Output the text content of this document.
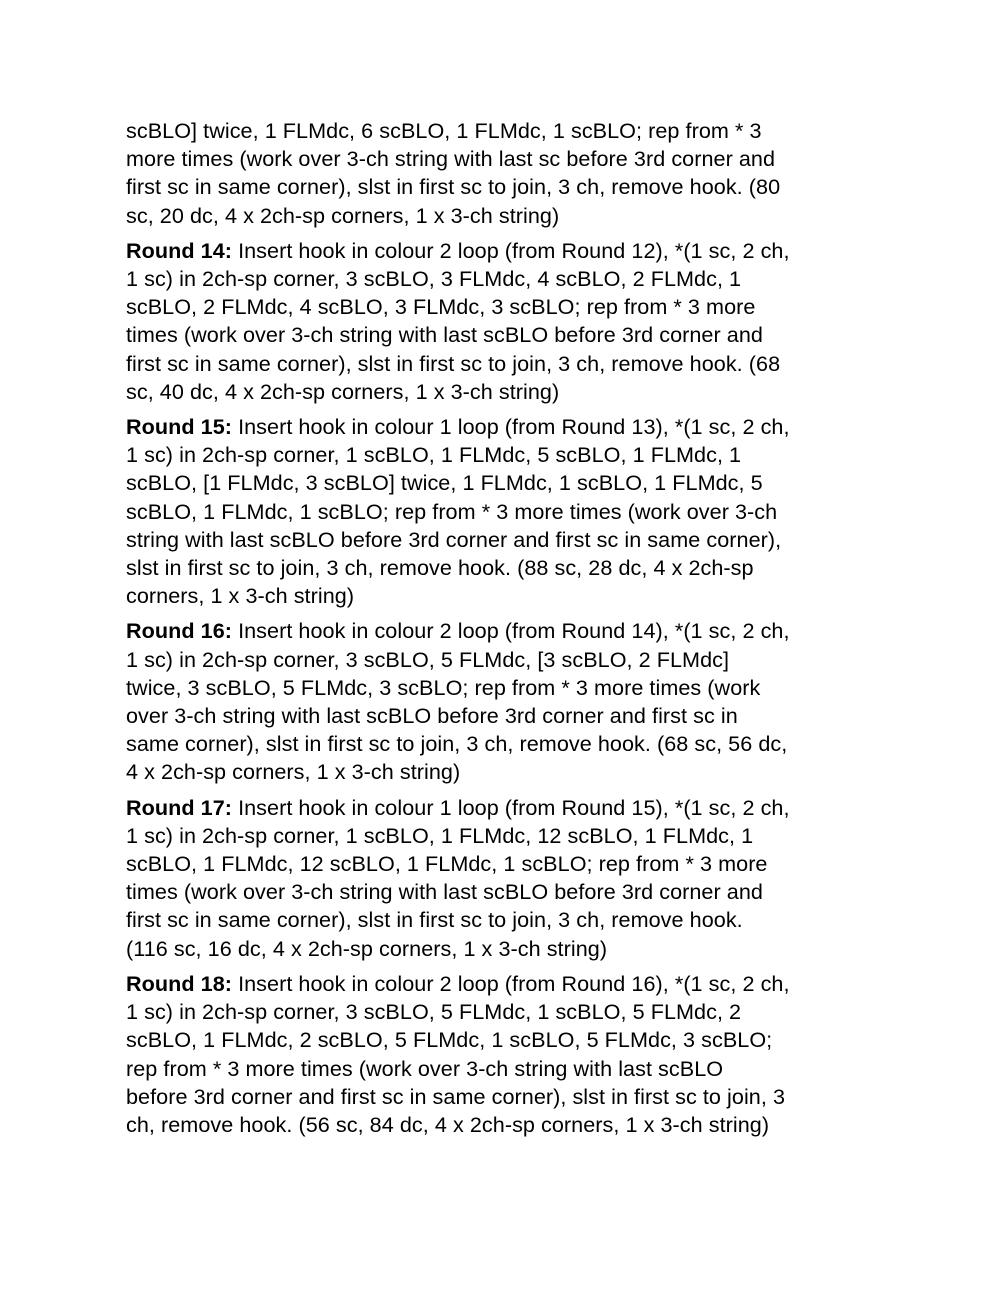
scBLO] twice, 1 FLMdc, 6 scBLO, 1 FLMdc, 1 scBLO; rep from * 3
more times (work over 3-ch string with last sc before 3rd corner and
first sc in same corner), slst in first sc to join, 3 ch, remove hook. (80
sc, 20 dc, 4 x 2ch-sp corners, 1 x 3-ch string)

Round 14: Insert hook in colour 2 loop (from Round 12), *(1 sc, 2 ch,
1 sc) in 2ch-sp corner, 3 scBLO, 3 FLMdc, 4 scBLO, 2 FLMdc, 1
scBLO, 2 FLMdc, 4 scBLO, 3 FLMdc, 3 scBLO; rep from * 3 more
times (work over 3-ch string with last scBLO before 3rd corner and
first sc in same corner), slst in first sc to join, 3 ch, remove hook. (68
sc, 40 dc, 4 x 2ch-sp corners, 1 x 3-ch string)

Round 15: Insert hook in colour 1 loop (from Round 13), *(1 sc, 2 ch,
1 sc) in 2ch-sp corner, 1 scBLO, 1 FLMdc, 5 scBLO, 1 FLMdc, 1
scBLO, [1 FLMdc, 3 scBLO] twice, 1 FLMdc, 1 scBLO, 1 FLMdc, 5
scBLO, 1 FLMdc, 1 scBLO; rep from * 3 more times (work over 3-ch
string with last scBLO before 3rd corner and first sc in same corner),
slst in first sc to join, 3 ch, remove hook. (88 sc, 28 dc, 4 x 2ch-sp
corners, 1 x 3-ch string)

Round 16: Insert hook in colour 2 loop (from Round 14), *(1 sc, 2 ch,
1 sc) in 2ch-sp corner, 3 scBLO, 5 FLMdc, [3 scBLO, 2 FLMdc]
twice, 3 scBLO, 5 FLMdc, 3 scBLO; rep from * 3 more times (work
over 3-ch string with last scBLO before 3rd corner and first sc in
same corner), slst in first sc to join, 3 ch, remove hook. (68 sc, 56 dc,
4 x 2ch-sp corners, 1 x 3-ch string)

Round 17: Insert hook in colour 1 loop (from Round 15), *(1 sc, 2 ch,
1 sc) in 2ch-sp corner, 1 scBLO, 1 FLMdc, 12 scBLO, 1 FLMdc, 1
scBLO, 1 FLMdc, 12 scBLO, 1 FLMdc, 1 scBLO; rep from * 3 more
times (work over 3-ch string with last scBLO before 3rd corner and
first sc in same corner), slst in first sc to join, 3 ch, remove hook.
(116 sc, 16 dc, 4 x 2ch-sp corners, 1 x 3-ch string)

Round 18: Insert hook in colour 2 loop (from Round 16), *(1 sc, 2 ch,
1 sc) in 2ch-sp corner, 3 scBLO, 5 FLMdc, 1 scBLO, 5 FLMdc, 2
scBLO, 1 FLMdc, 2 scBLO, 5 FLMdc, 1 scBLO, 5 FLMdc, 3 scBLO;
rep from * 3 more times (work over 3-ch string with last scBLO
before 3rd corner and first sc in same corner), slst in first sc to join, 3
ch, remove hook. (56 sc, 84 dc, 4 x 2ch-sp corners, 1 x 3-ch string)
